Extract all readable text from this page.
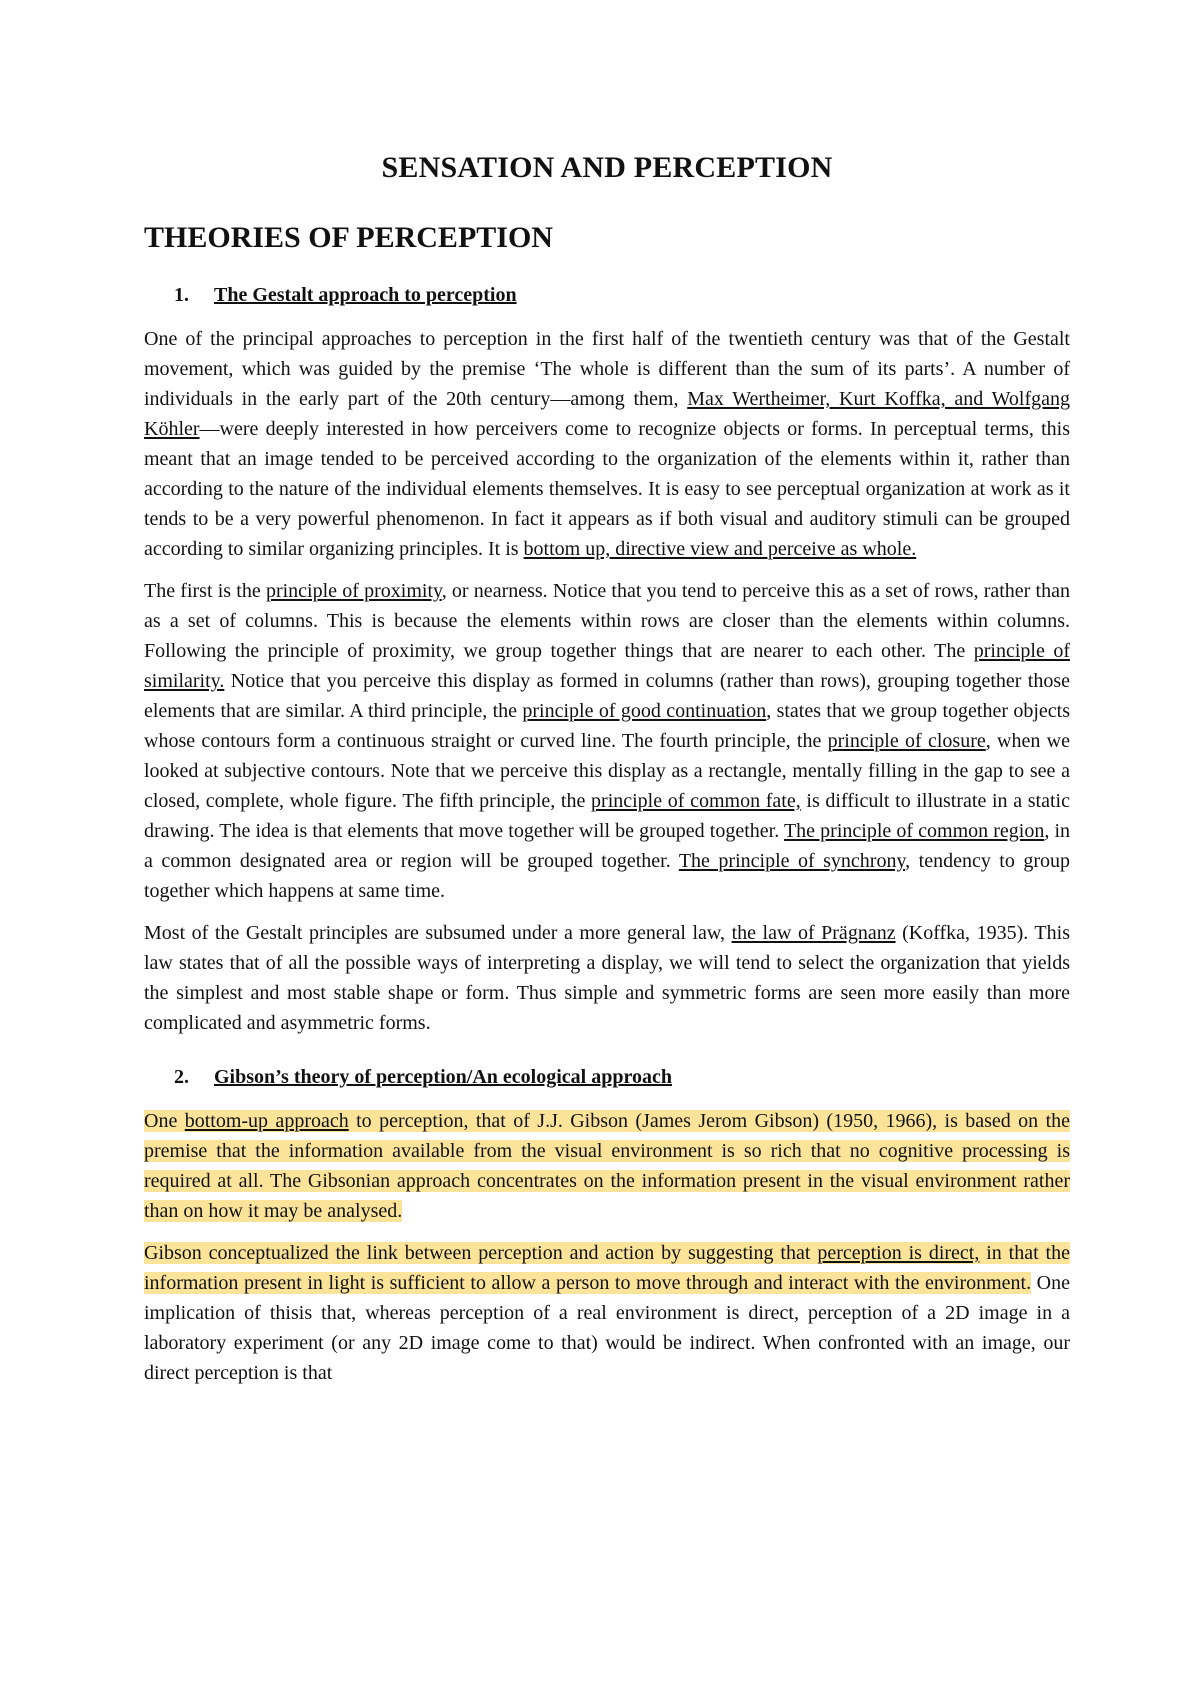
SENSATION AND PERCEPTION
THEORIES OF PERCEPTION
1. The Gestalt approach to perception

One of the principal approaches to perception in the first half of the twentieth century was that of the Gestalt movement, which was guided by the premise ‘The whole is different than the sum of its parts’. A number of individuals in the early part of the 20th century—among them, Max Wertheimer, Kurt Koffka, and Wolfgang Köhler—were deeply interested in how perceivers come to recognize objects or forms. In perceptual terms, this meant that an image tended to be perceived according to the organization of the elements within it, rather than according to the nature of the individual elements themselves. It is easy to see perceptual organization at work as it tends to be a very powerful phenomenon. In fact it appears as if both visual and auditory stimuli can be grouped according to similar organizing principles. It is bottom up, directive view and perceive as whole.

The first is the principle of proximity, or nearness. Notice that you tend to perceive this as a set of rows, rather than as a set of columns. This is because the elements within rows are closer than the elements within columns. Following the principle of proximity, we group together things that are nearer to each other. The principle of similarity. Notice that you perceive this display as formed in columns (rather than rows), grouping together those elements that are similar. A third principle, the principle of good continuation, states that we group together objects whose contours form a continuous straight or curved line. The fourth principle, the principle of closure, when we looked at subjective contours. Note that we perceive this display as a rectangle, mentally filling in the gap to see a closed, complete, whole figure. The fifth principle, the principle of common fate, is difficult to illustrate in a static drawing. The idea is that elements that move together will be grouped together. The principle of common region, in a common designated area or region will be grouped together. The principle of synchrony, tendency to group together which happens at same time.

Most of the Gestalt principles are subsumed under a more general law, the law of Prägnanz (Koffka, 1935). This law states that of all the possible ways of interpreting a display, we will tend to select the organization that yields the simplest and most stable shape or form. Thus simple and symmetric forms are seen more easily than more complicated and asymmetric forms.

2. Gibson’s theory of perception/An ecological approach

One bottom-up approach to perception, that of J.J. Gibson (James Jerom Gibson) (1950, 1966), is based on the premise that the information available from the visual environment is so rich that no cognitive processing is required at all. The Gibsonian approach concentrates on the information present in the visual environment rather than on how it may be analysed.

Gibson conceptualized the link between perception and action by suggesting that perception is direct, in that the information present in light is sufficient to allow a person to move through and interact with the environment. One implication of thisis that, whereas perception of a real environment is direct, perception of a 2D image in a laboratory experiment (or any 2D image come to that) would be indirect. When confronted with an image, our direct perception is that
